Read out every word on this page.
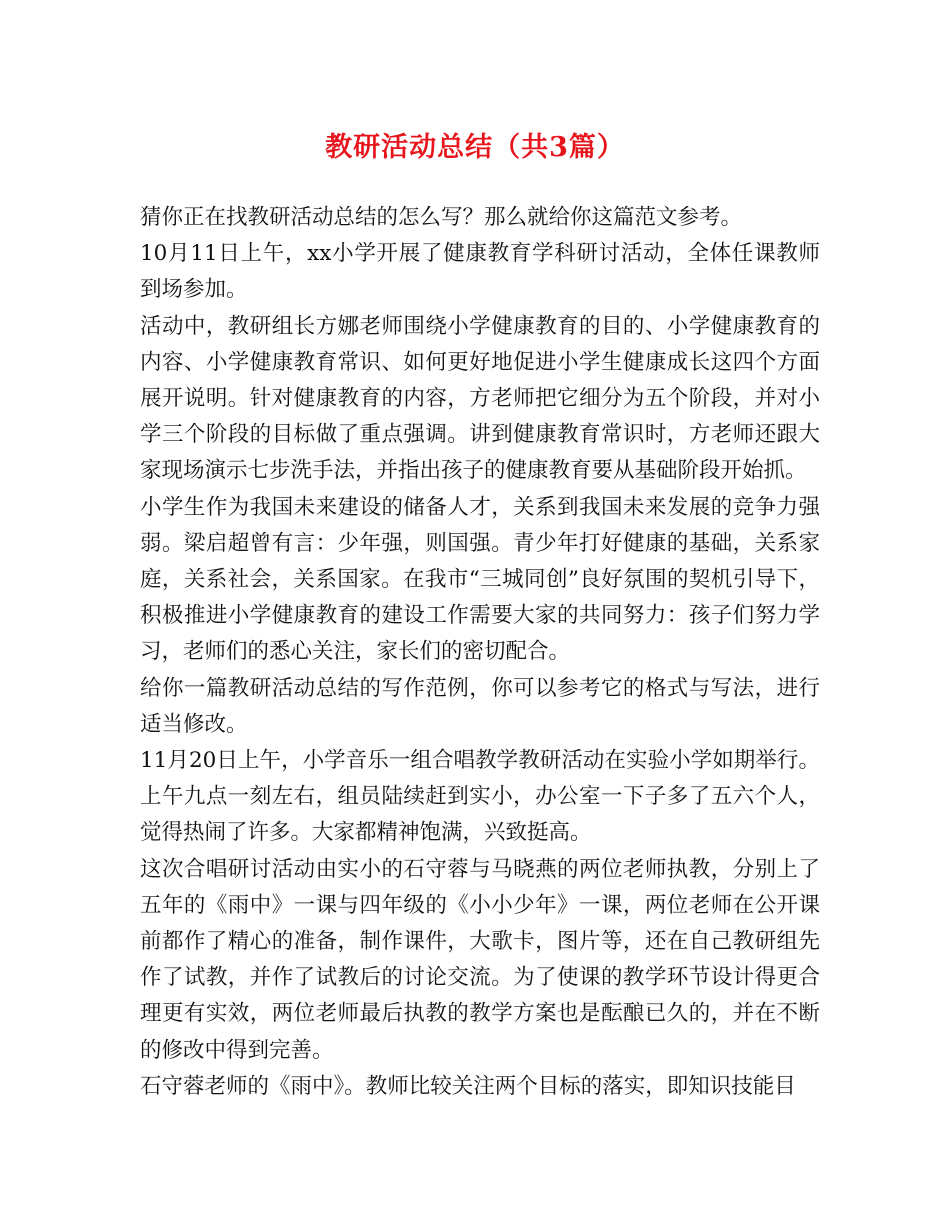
教研活动总结（共3篇）

猜你正在找教研活动总结的怎么写？那么就给你这篇范文参考。

10月11日上午，xx小学开展了健康教育学科研讨活动，全体任课教师到场参加。

活动中，教研组长方娜老师围绕小学健康教育的目的、小学健康教育的内容、小学健康教育常识、如何更好地促进小学生健康成长这四个方面展开说明。针对健康教育的内容，方老师把它细分为五个阶段，并对小学三个阶段的目标做了重点强调。讲到健康教育常识时，方老师还跟大家现场演示七步洗手法，并指出孩子的健康教育要从基础阶段开始抓。

小学生作为我国未来建设的储备人才，关系到我国未来发展的竞争力强弱。梁启超曾有言：少年强，则国强。青少年打好健康的基础，关系家庭，关系社会，关系国家。在我市“三城同创”良好氛围的契机引导下，积极推进小学健康教育的建设工作需要大家的共同努力：孩子们努力学习，老师们的悉心关注，家长们的密切配合。

给你一篇教研活动总结的写作范例，你可以参考它的格式与写法，进行适当修改。

11月20日上午，小学音乐一组合唱教学教研活动在实验小学如期举行。上午九点一刻左右，组员陆续赶到实小，办公室一下子多了五六个人，觉得热闹了许多。大家都精神饱满，兴致挺高。

这次合唱研讨活动由实小的石守蓉与马晓燕的两位老师执教，分别上了五年的《雨中》一课与四年级的《小小少年》一课，两位老师在公开课前都作了精心的准备，制作课件，大歌卡，图片等，还在自己教研组先作了试教，并作了试教后的讨论交流。为了使课的教学环节设计得更合理更有实效，两位老师最后执教的教学方案也是酝酿已久的，并在不断的修改中得到完善。

石守蓉老师的《雨中》。教师比较关注两个目标的落实，即知识技能目
